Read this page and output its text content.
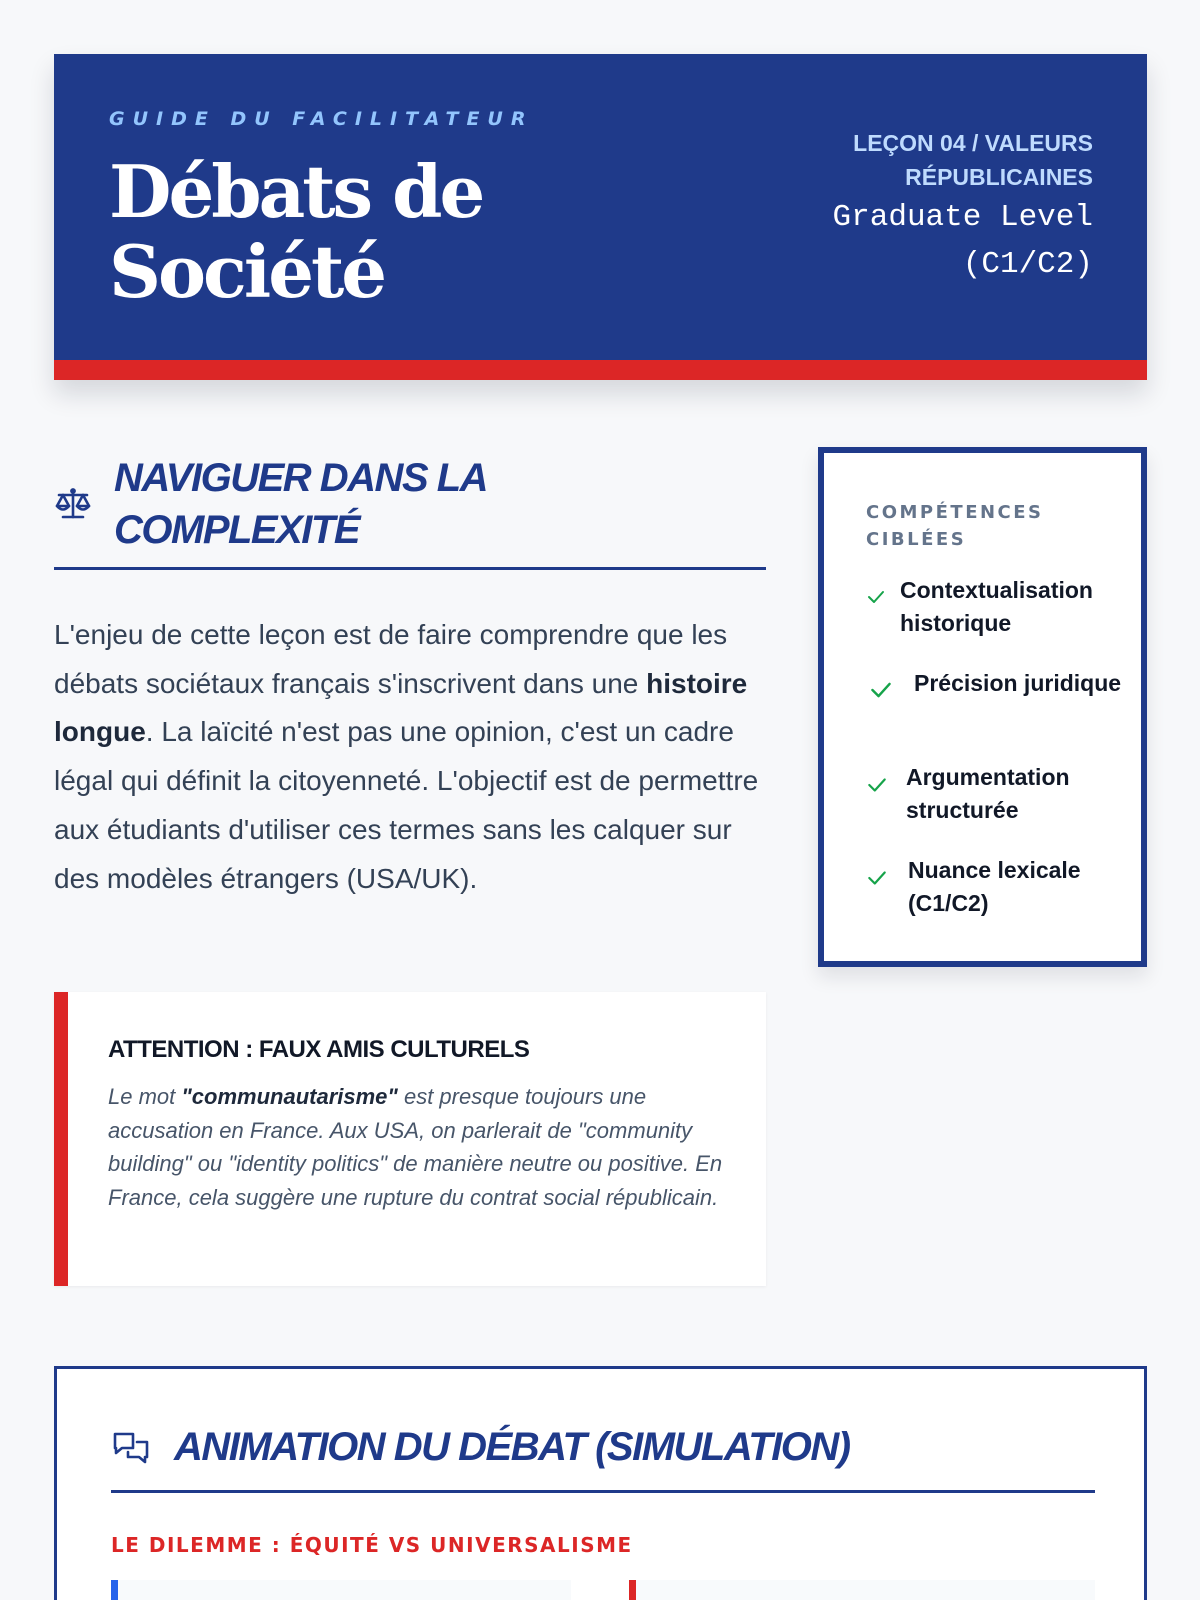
GUIDE DU FACILITATEUR
Débats de Société
LEÇON 04 / VALEURS RÉPUBLICAINES
Graduate Level (C1/C2)
NAVIGUER DANS LA COMPLEXITÉ

L'enjeu de cette leçon est de faire comprendre que les débats sociétaux français s'inscrivent dans une histoire longue. La laïcité n'est pas une opinion, c'est un cadre légal qui définit la citoyenneté. L'objectif est de permettre aux étudiants d'utiliser ces termes sans les calquer sur des modèles étrangers (USA/UK).

ATTENTION : FAUX AMIS CULTURELS

Le mot "communautarisme" est presque toujours une accusation en France. Aux USA, on parlerait de "community building" ou "identity politics" de manière neutre ou positive. En France, cela suggère une rupture du contrat social républicain.

COMPÉTENCES CIBLÉES
Contextualisation historique
Précision juridique
Argumentation structurée
Nuance lexicale (C1/C2)
ANIMATION DU DÉBAT (SIMULATION)
LE DILEMME : ÉQUITÉ VS UNIVERSALISME
